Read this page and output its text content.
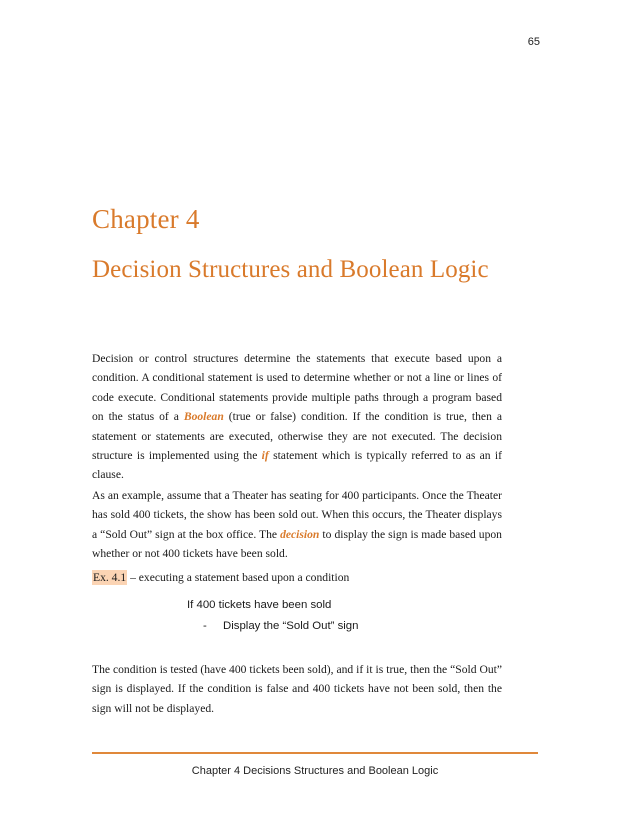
65
Chapter 4
Decision Structures and Boolean Logic

Decision or control structures determine the statements that execute based upon a condition. A conditional statement is used to determine whether or not a line or lines of code execute. Conditional statements provide multiple paths through a program based on the status of a Boolean (true or false) condition. If the condition is true, then a statement or statements are executed, otherwise they are not executed. The decision structure is implemented using the if statement which is typically referred to as an if clause.

As an example, assume that a Theater has seating for 400 participants. Once the Theater has sold 400 tickets, the show has been sold out. When this occurs, the Theater displays a “Sold Out” sign at the box office. The decision to display the sign is made based upon whether or not 400 tickets have been sold.

Ex. 4.1 – executing a statement based upon a condition
If 400 tickets have been sold
- Display the “Sold Out” sign

The condition is tested (have 400 tickets been sold), and if it is true, then the “Sold Out” sign is displayed. If the condition is false and 400 tickets have not been sold, then the sign will not be displayed.

Chapter 4 Decisions Structures and Boolean Logic
